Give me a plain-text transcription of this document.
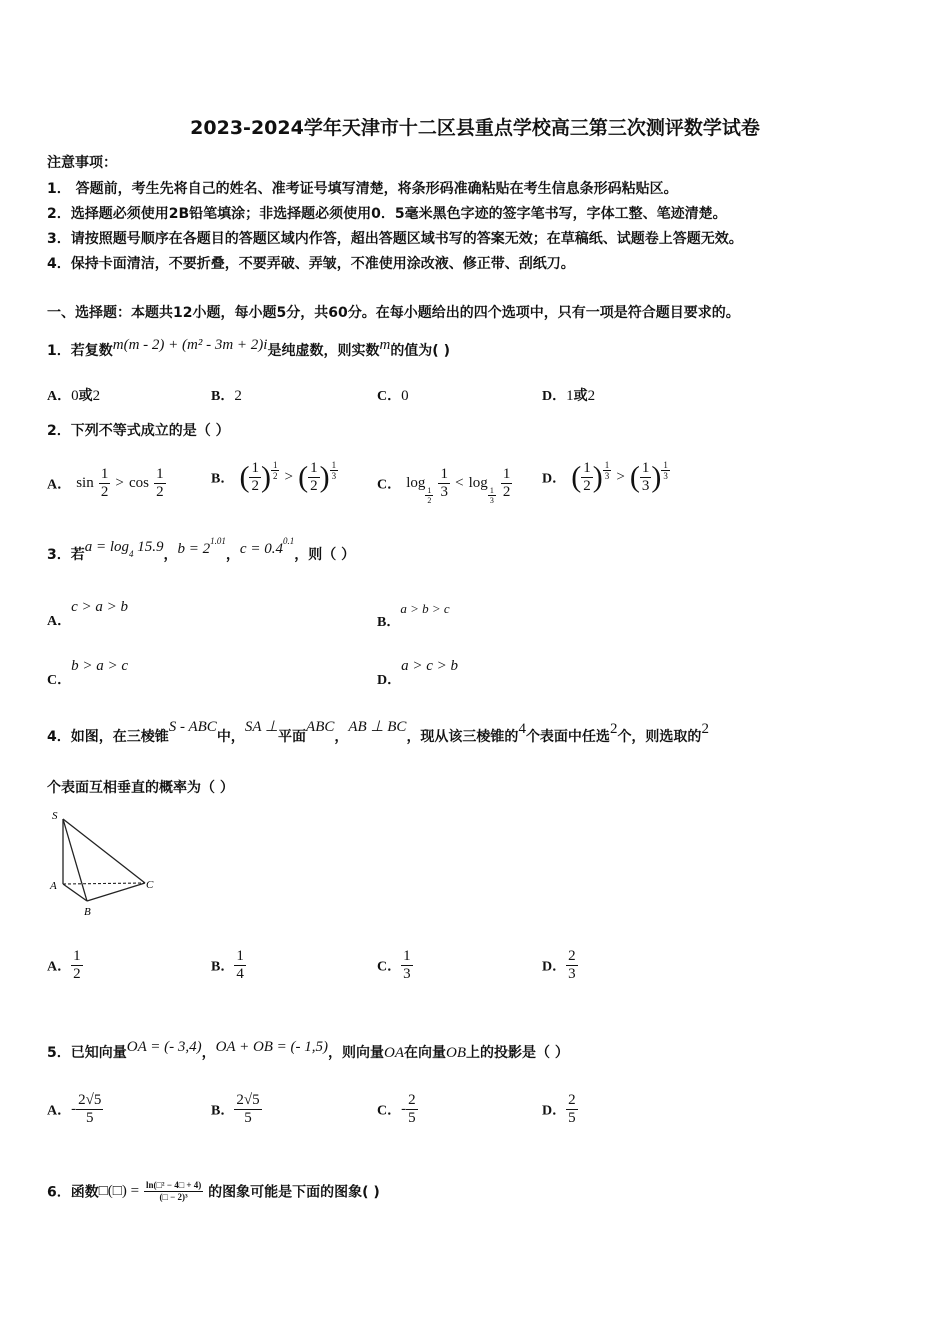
2023-2024学年天津市十二区县重点学校高三第三次测评数学试卷
注意事项：
1． 答题前，考生先将自己的姓名、准考证号填写清楚，将条形码准确粘贴在考生信息条形码粘贴区。
2．选择题必须使用2B铅笔填涂；非选择题必须使用0．5毫米黑色字迹的签字笔书写，字体工整、笔迹清楚。
3．请按照题号顺序在各题目的答题区域内作答，超出答题区域书写的答案无效；在草稿纸、试题卷上答题无效。
4．保持卡面清洁，不要折叠，不要弄破、弄皱，不准使用涂改液、修正带、刮纸刀。
一、选择题：本题共12小题，每小题5分，共60分。在每小题给出的四个选项中，只有一项是符合题目要求的。
1．若复数m(m - 2) + (m² - 3m + 2)i是纯虚数，则实数m的值为( )
A．0或2	B．2	C．0	D．1或2
2．下列不等式成立的是（ ）
A． $\sin \frac{1}{2} > \cos \frac{1}{2}$	B． ( $\frac{1}{2}$ ) $\frac{1}{2}$ > ( $\frac{1}{2}$ ) $\frac{1}{3}$
C． log
$\frac{1}{2}$
$\frac{1}{3} < \log$
$\frac{1}{3}$
$\frac{1}{2}$ D． ( $\frac{1}{2}$ ) $\frac{1}{3}$ > ( $\frac{1}{3}$ ) $\frac{1}{3}$
3．若$a = \log_4 15.9$，$b = 2^{1.01}$，$c = 0.4^{0.1}$，则（ ）
A．c > a > b
B．a > b > c
C．b > a > c
D．a > c > b
4．如图，在三棱锥S - ABC中，SA ⊥平面ABC，AB ⊥ BC，现从该三棱锥的4个表面中任选2个，则选取的2
个表面互相垂直的概率为（ ）
S
A
B
C
A． $\frac{1}{2}$	B． $\frac{1}{4}$	C． $\frac{1}{3}$	D． $\frac{2}{3}$
5．已知向量OA = (- 3,4)，OA + OB = (- 1,5)，则向量OA在向量OB上的投影是（ ）
A．- $\frac{2√5}{5}$	B． $\frac{2√5}{5}$	C．- $\frac{2}{5}$	D． $\frac{2}{5}$
6．函数□(□) = $\frac{\text{ln(□² − 4□ + 4)}}{\text{(□ − 2)³}}$ 的图象可能是下面的图象( )
